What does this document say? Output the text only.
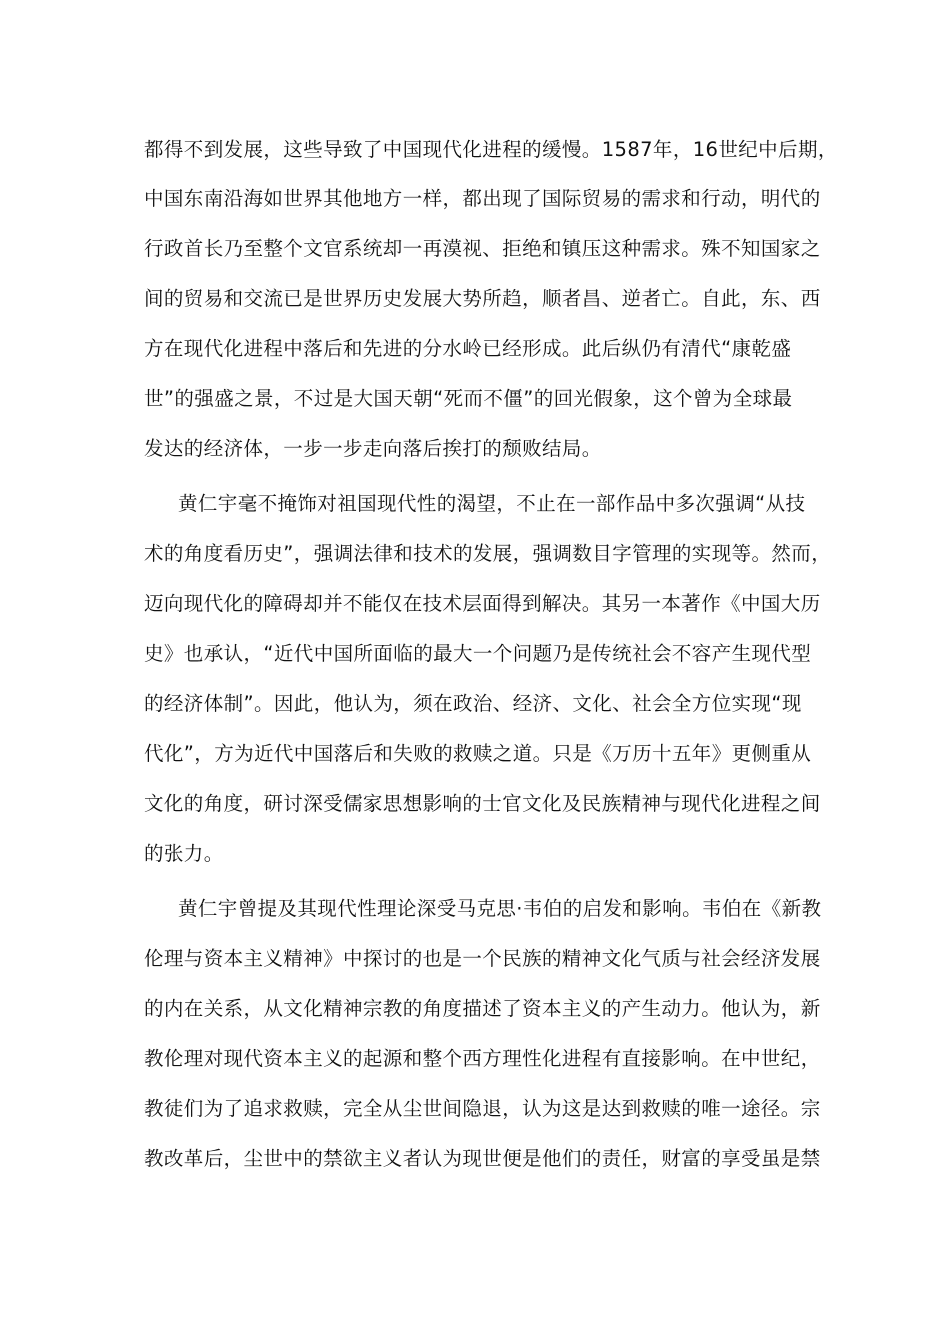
都得不到发展，这些导致了中国现代化进程的缓慢。1587年，16世纪中后期，
中国东南沿海如世界其他地方一样，都出现了国际贸易的需求和行动，明代的
行政首长乃至整个文官系统却一再漠视、拒绝和镇压这种需求。殊不知国家之
间的贸易和交流已是世界历史发展大势所趋，顺者昌、逆者亡。自此，东、西
方在现代化进程中落后和先进的分水岭已经形成。此后纵仍有清代“康乾盛
世”的强盛之景，不过是大国天朝“死而不僵”的回光假象，这个曾为全球最
发达的经济体，一步一步走向落后挨打的颓败结局。
黄仁宇毫不掩饰对祖国现代性的渴望，不止在一部作品中多次强调“从技
术的角度看历史”，强调法律和技术的发展，强调数目字管理的实现等。然而，
迈向现代化的障碍却并不能仅在技术层面得到解决。其另一本著作《中国大历
史》也承认，“近代中国所面临的最大一个问题乃是传统社会不容产生现代型
的经济体制”。因此，他认为，须在政治、经济、文化、社会全方位实现“现
代化”，方为近代中国落后和失败的救赎之道。只是《万历十五年》更侧重从
文化的角度，研讨深受儒家思想影响的士官文化及民族精神与现代化进程之间
的张力。
黄仁宇曾提及其现代性理论深受马克思·韦伯的启发和影响。韦伯在《新教
伦理与资本主义精神》中探讨的也是一个民族的精神文化气质与社会经济发展
的内在关系，从文化精神宗教的角度描述了资本主义的产生动力。他认为，新
教伦理对现代资本主义的起源和整个西方理性化进程有直接影响。在中世纪，
教徒们为了追求救赎，完全从尘世间隐退，认为这是达到救赎的唯一途径。宗
教改革后，尘世中的禁欲主义者认为现世便是他们的责任，财富的享受虽是禁
